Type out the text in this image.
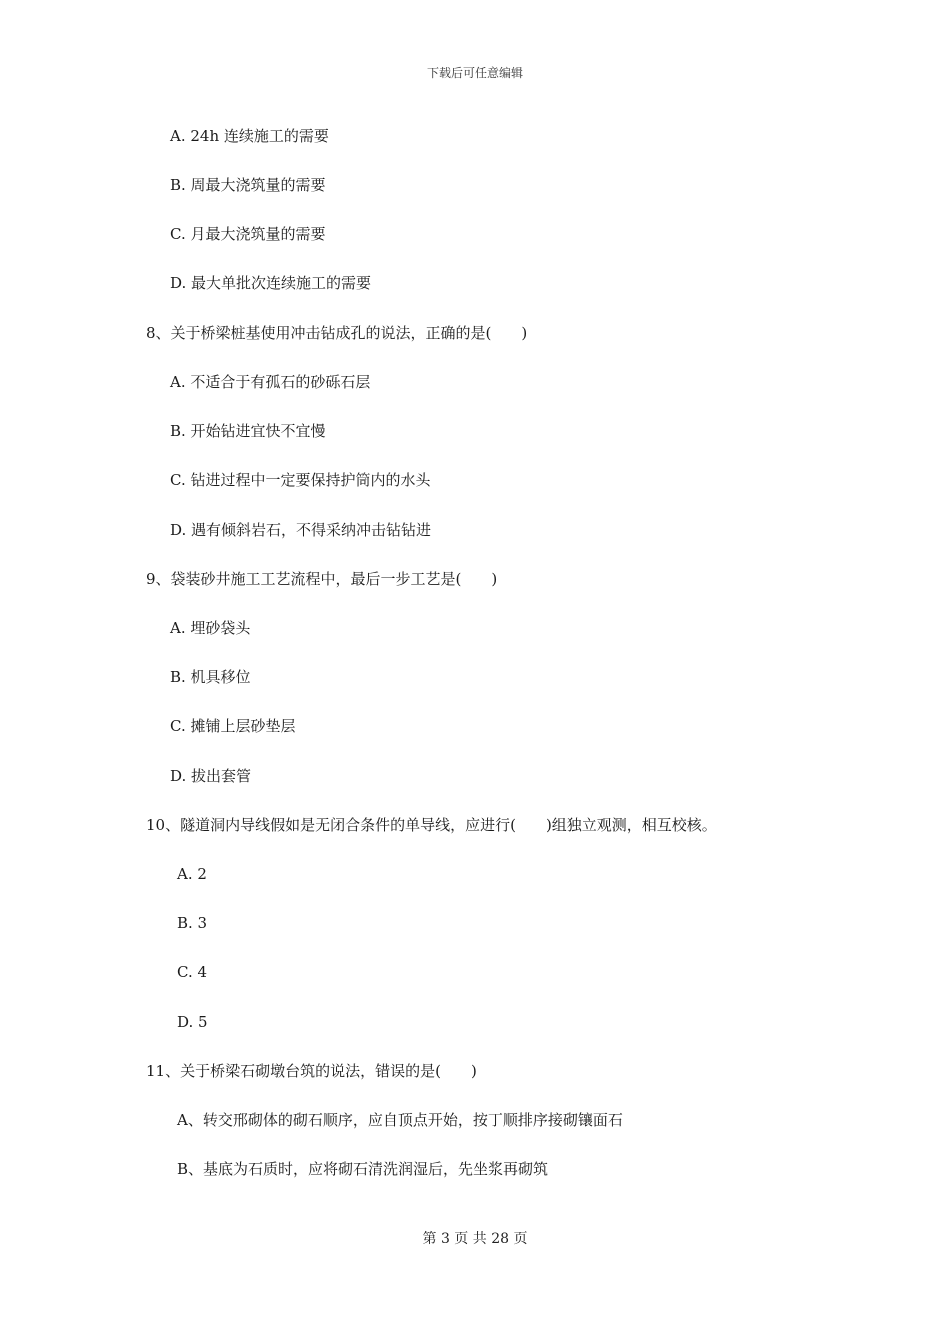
下载后可任意编辑
A. 24h 连续施工的需要
B. 周最大浇筑量的需要
C. 月最大浇筑量的需要
D. 最大单批次连续施工的需要
8、关于桥梁桩基使用冲击钻成孔的说法，正确的是(　　)
A. 不适合于有孤石的砂砾石层
B. 开始钻进宜快不宜慢
C. 钻进过程中一定要保持护筒内的水头
D. 遇有倾斜岩石，不得采纳冲击钻钻进
9、袋装砂井施工工艺流程中，最后一步工艺是(　　)
A. 埋砂袋头
B. 机具移位
C. 摊铺上层砂垫层
D. 拔出套管
10、隧道洞内导线假如是无闭合条件的单导线，应进行(　　)组独立观测，相互校核。
A. 2
B. 3
C. 4
D. 5
11、关于桥梁石砌墩台筑的说法，错误的是(　　)
A、转交邢砌体的砌石顺序，应自顶点开始，按丁顺排序接砌镶面石
B、基底为石质时，应将砌石清洗润湿后，先坐浆再砌筑
第 3 页 共 28 页
